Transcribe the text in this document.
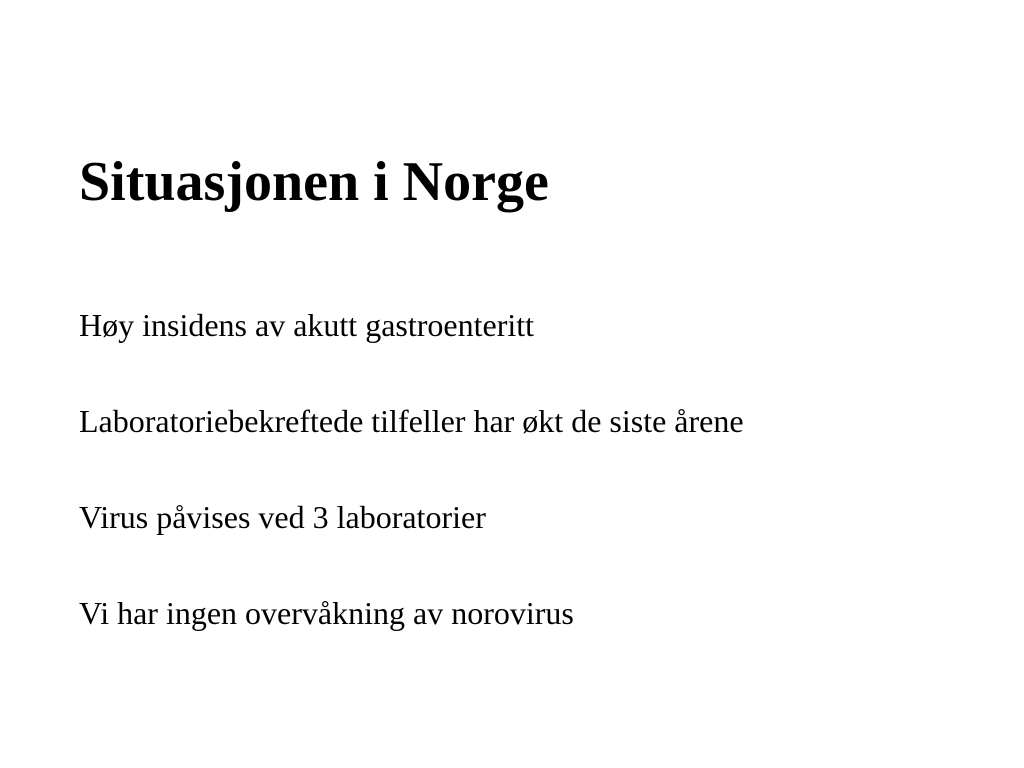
Situasjonen i Norge
Høy insidens av akutt gastroenteritt
Laboratoriebekreftede tilfeller har økt de siste årene
Virus påvises ved 3 laboratorier
Vi har ingen overvåkning av norovirus
